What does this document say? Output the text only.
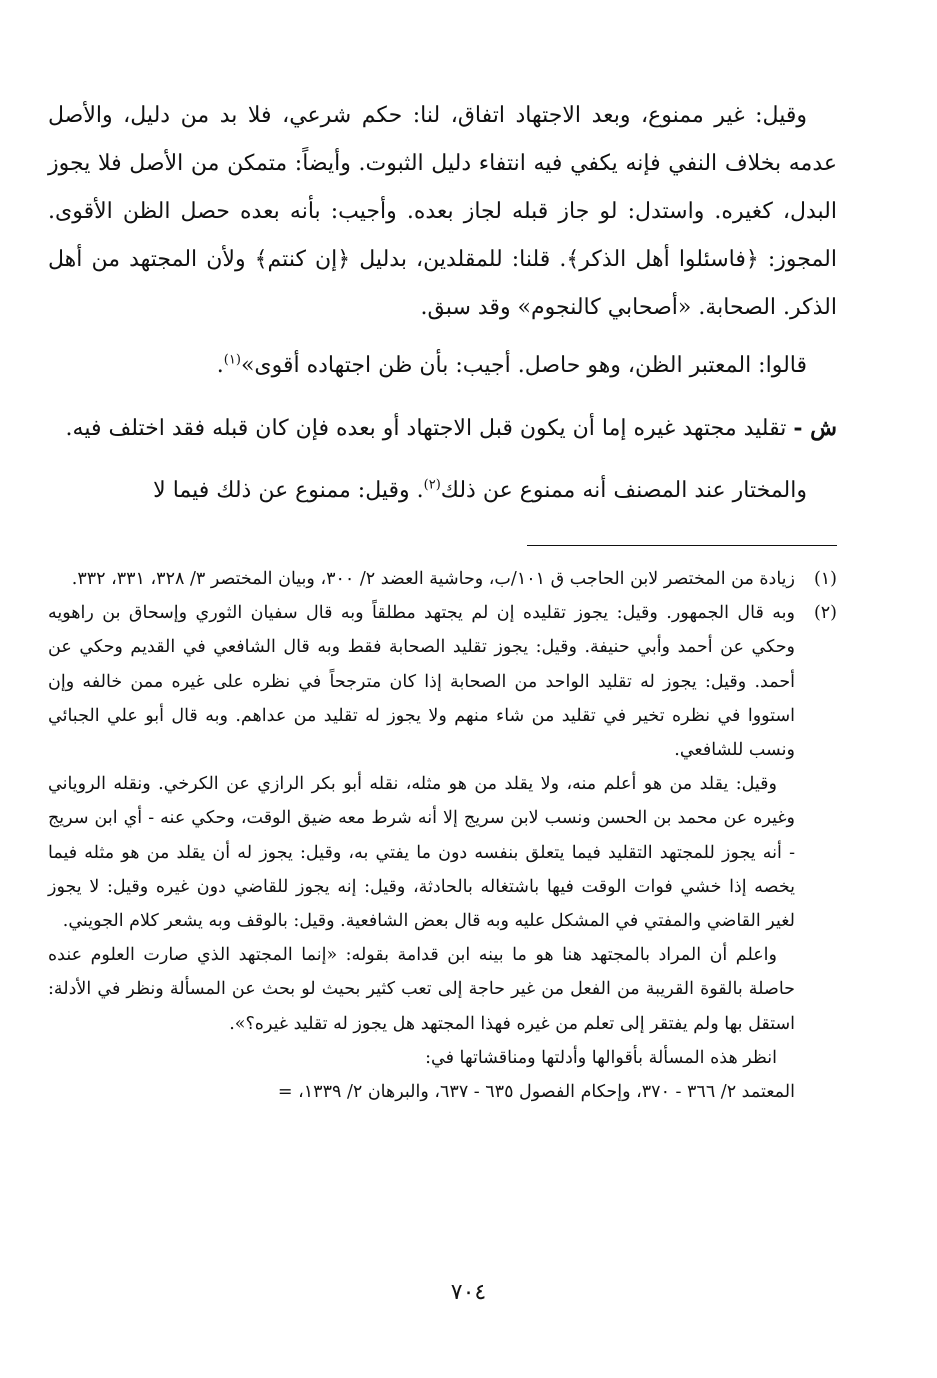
وقيل: غير ممنوع، وبعد الاجتهاد اتفاق، لنا: حكم شرعي، فلا بد من دليل، والأصل عدمه بخلاف النفي فإنه يكفي فيه انتفاء دليل الثبوت. وأيضاً: متمكن من الأصل فلا يجوز البدل، كغيره. واستدل: لو جاز قبله لجاز بعده. وأجيب: بأنه بعده حصل الظن الأقوى. المجوز: ﴿فاسئلوا أهل الذكر﴾. قلنا: للمقلدين، بدليل ﴿إن كنتم﴾ ولأن المجتهد من أهل الذكر. الصحابة. «أصحابي كالنجوم» وقد سبق.

قالوا: المعتبر الظن، وهو حاصل. أجيب: بأن ظن اجتهاده أقوى»$^{(١)}$.

ش - تقليد مجتهد غيره إما أن يكون قبل الاجتهاد أو بعده فإن كان قبله فقد اختلف فيه.

والمختار عند المصنف أنه ممنوع عن ذلك$^{(٢)}$. وقيل: ممنوع عن ذلك فيما لا

(١)

زيادة من المختصر لابن الحاجب ق ١٠١/ب، وحاشية العضد ٢/ ٣٠٠، وبيان المختصر ٣/ ٣٢٨، ٣٣١، ٣٣٢.

(٢)

وبه قال الجمهور. وقيل: يجوز تقليده إن لم يجتهد مطلقاً وبه قال سفيان الثوري وإسحاق بن راهويه وحكي عن أحمد وأبي حنيفة. وقيل: يجوز تقليد الصحابة فقط وبه قال الشافعي في القديم وحكي عن أحمد. وقيل: يجوز له تقليد الواحد من الصحابة إذا كان مترجحاً في نظره على غيره ممن خالفه وإن استووا في نظره تخير في تقليد من شاء منهم ولا يجوز له تقليد من عداهم. وبه قال أبو علي الجبائي ونسب للشافعي.

وقيل: يقلد من هو أعلم منه، ولا يقلد من هو مثله، نقله أبو بكر الرازي عن الكرخي. ونقله الروياني وغيره عن محمد بن الحسن ونسب لابن سريج إلا أنه شرط معه ضيق الوقت، وحكي عنه - أي ابن سريج - أنه يجوز للمجتهد التقليد فيما يتعلق بنفسه دون ما يفتي به، وقيل: يجوز له أن يقلد من هو مثله فيما يخصه إذا خشي فوات الوقت فيها باشتغاله بالحادثة، وقيل: إنه يجوز للقاضي دون غيره وقيل: لا يجوز لغير القاضي والمفتي في المشكل عليه وبه قال بعض الشافعية. وقيل: بالوقف وبه يشعر كلام الجويني.

واعلم أن المراد بالمجتهد هنا هو ما بينه ابن قدامة بقوله: «إنما المجتهد الذي صارت العلوم عنده حاصلة بالقوة القريبة من الفعل من غير حاجة إلى تعب كثير بحيث لو بحث عن المسألة ونظر في الأدلة: استقل بها ولم يفتقر إلى تعلم من غيره فهذا المجتهد هل يجوز له تقليد غيره؟».

انظر هذه المسألة بأقوالها وأدلتها ومناقشاتها في:

المعتمد ٢/ ٣٦٦ - ٣٧٠، وإحكام الفصول ٦٣٥ - ٦٣٧، والبرهان ٢/ ١٣٣٩، =

٧٠٤
